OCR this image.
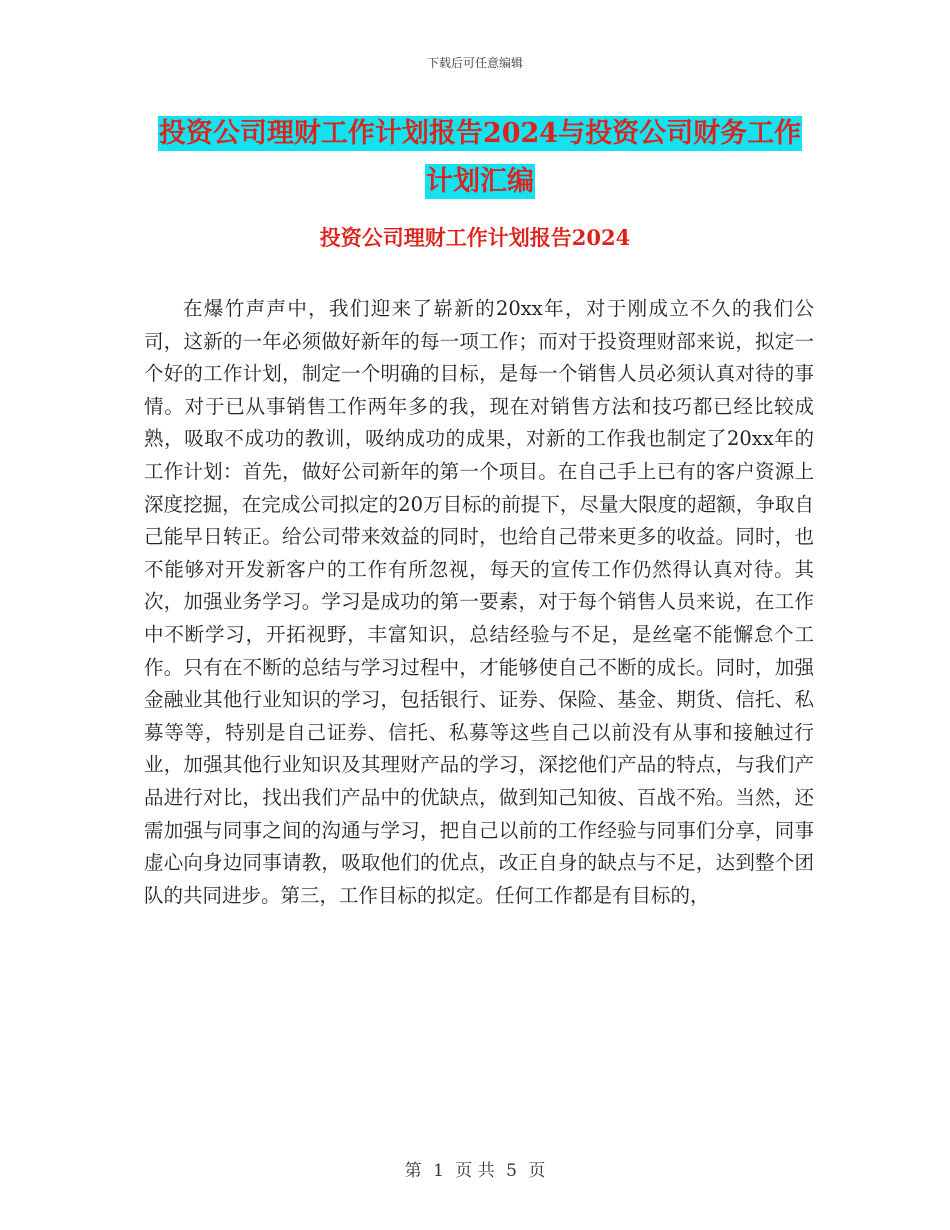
下载后可任意编辑
投资公司理财工作计划报告2024与投资公司财务工作
计划汇编
投资公司理财工作计划报告2024

在爆竹声声中，我们迎来了崭新的20xx年，对于刚成立不久的我们公司，这新的一年必须做好新年的每一项工作；而对于投资理财部来说，拟定一个好的工作计划，制定一个明确的目标，是每一个销售人员必须认真对待的事情。对于已从事销售工作两年多的我，现在对销售方法和技巧都已经比较成熟，吸取不成功的教训，吸纳成功的成果，对新的工作我也制定了20xx年的工作计划：首先，做好公司新年的第一个项目。在自己手上已有的客户资源上深度挖掘，在完成公司拟定的20万目标的前提下，尽量大限度的超额，争取自己能早日转正。给公司带来效益的同时，也给自己带来更多的收益。同时，也不能够对开发新客户的工作有所忽视，每天的宣传工作仍然得认真对待。其次，加强业务学习。学习是成功的第一要素，对于每个销售人员来说，在工作中不断学习，开拓视野，丰富知识，总结经验与不足，是丝毫不能懈怠个工作。只有在不断的总结与学习过程中，才能够使自己不断的成长。同时，加强金融业其他行业知识的学习，包括银行、证券、保险、基金、期货、信托、私募等等，特别是自己证券、信托、私募等这些自己以前没有从事和接触过行业，加强其他行业知识及其理财产品的学习，深挖他们产品的特点，与我们产品进行对比，找出我们产品中的优缺点，做到知己知彼、百战不殆。当然，还需加强与同事之间的沟通与学习，把自己以前的工作经验与同事们分享，同事虚心向身边同事请教，吸取他们的优点，改正自身的缺点与不足，达到整个团队的共同进步。第三，工作目标的拟定。任何工作都是有目标的，

第 1 页 共 5 页
